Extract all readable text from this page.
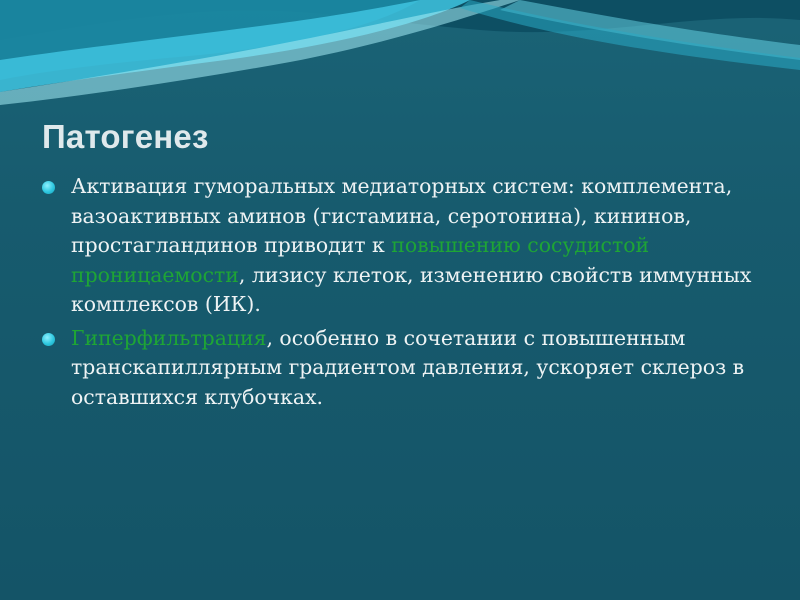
Патогенез
Активация гуморальных медиаторных систем: комплемента, вазоактивных аминов (гистамина, серотонина), кининов, простагландинов приводит к повышению сосудистой проницаемости, лизису клеток, изменению свойств иммунных комплексов (ИК).
Гиперфильтрация, особенно в сочетании с повышенным транскапиллярным градиентом давления, ускоряет склероз в оставшихся клубочках.
